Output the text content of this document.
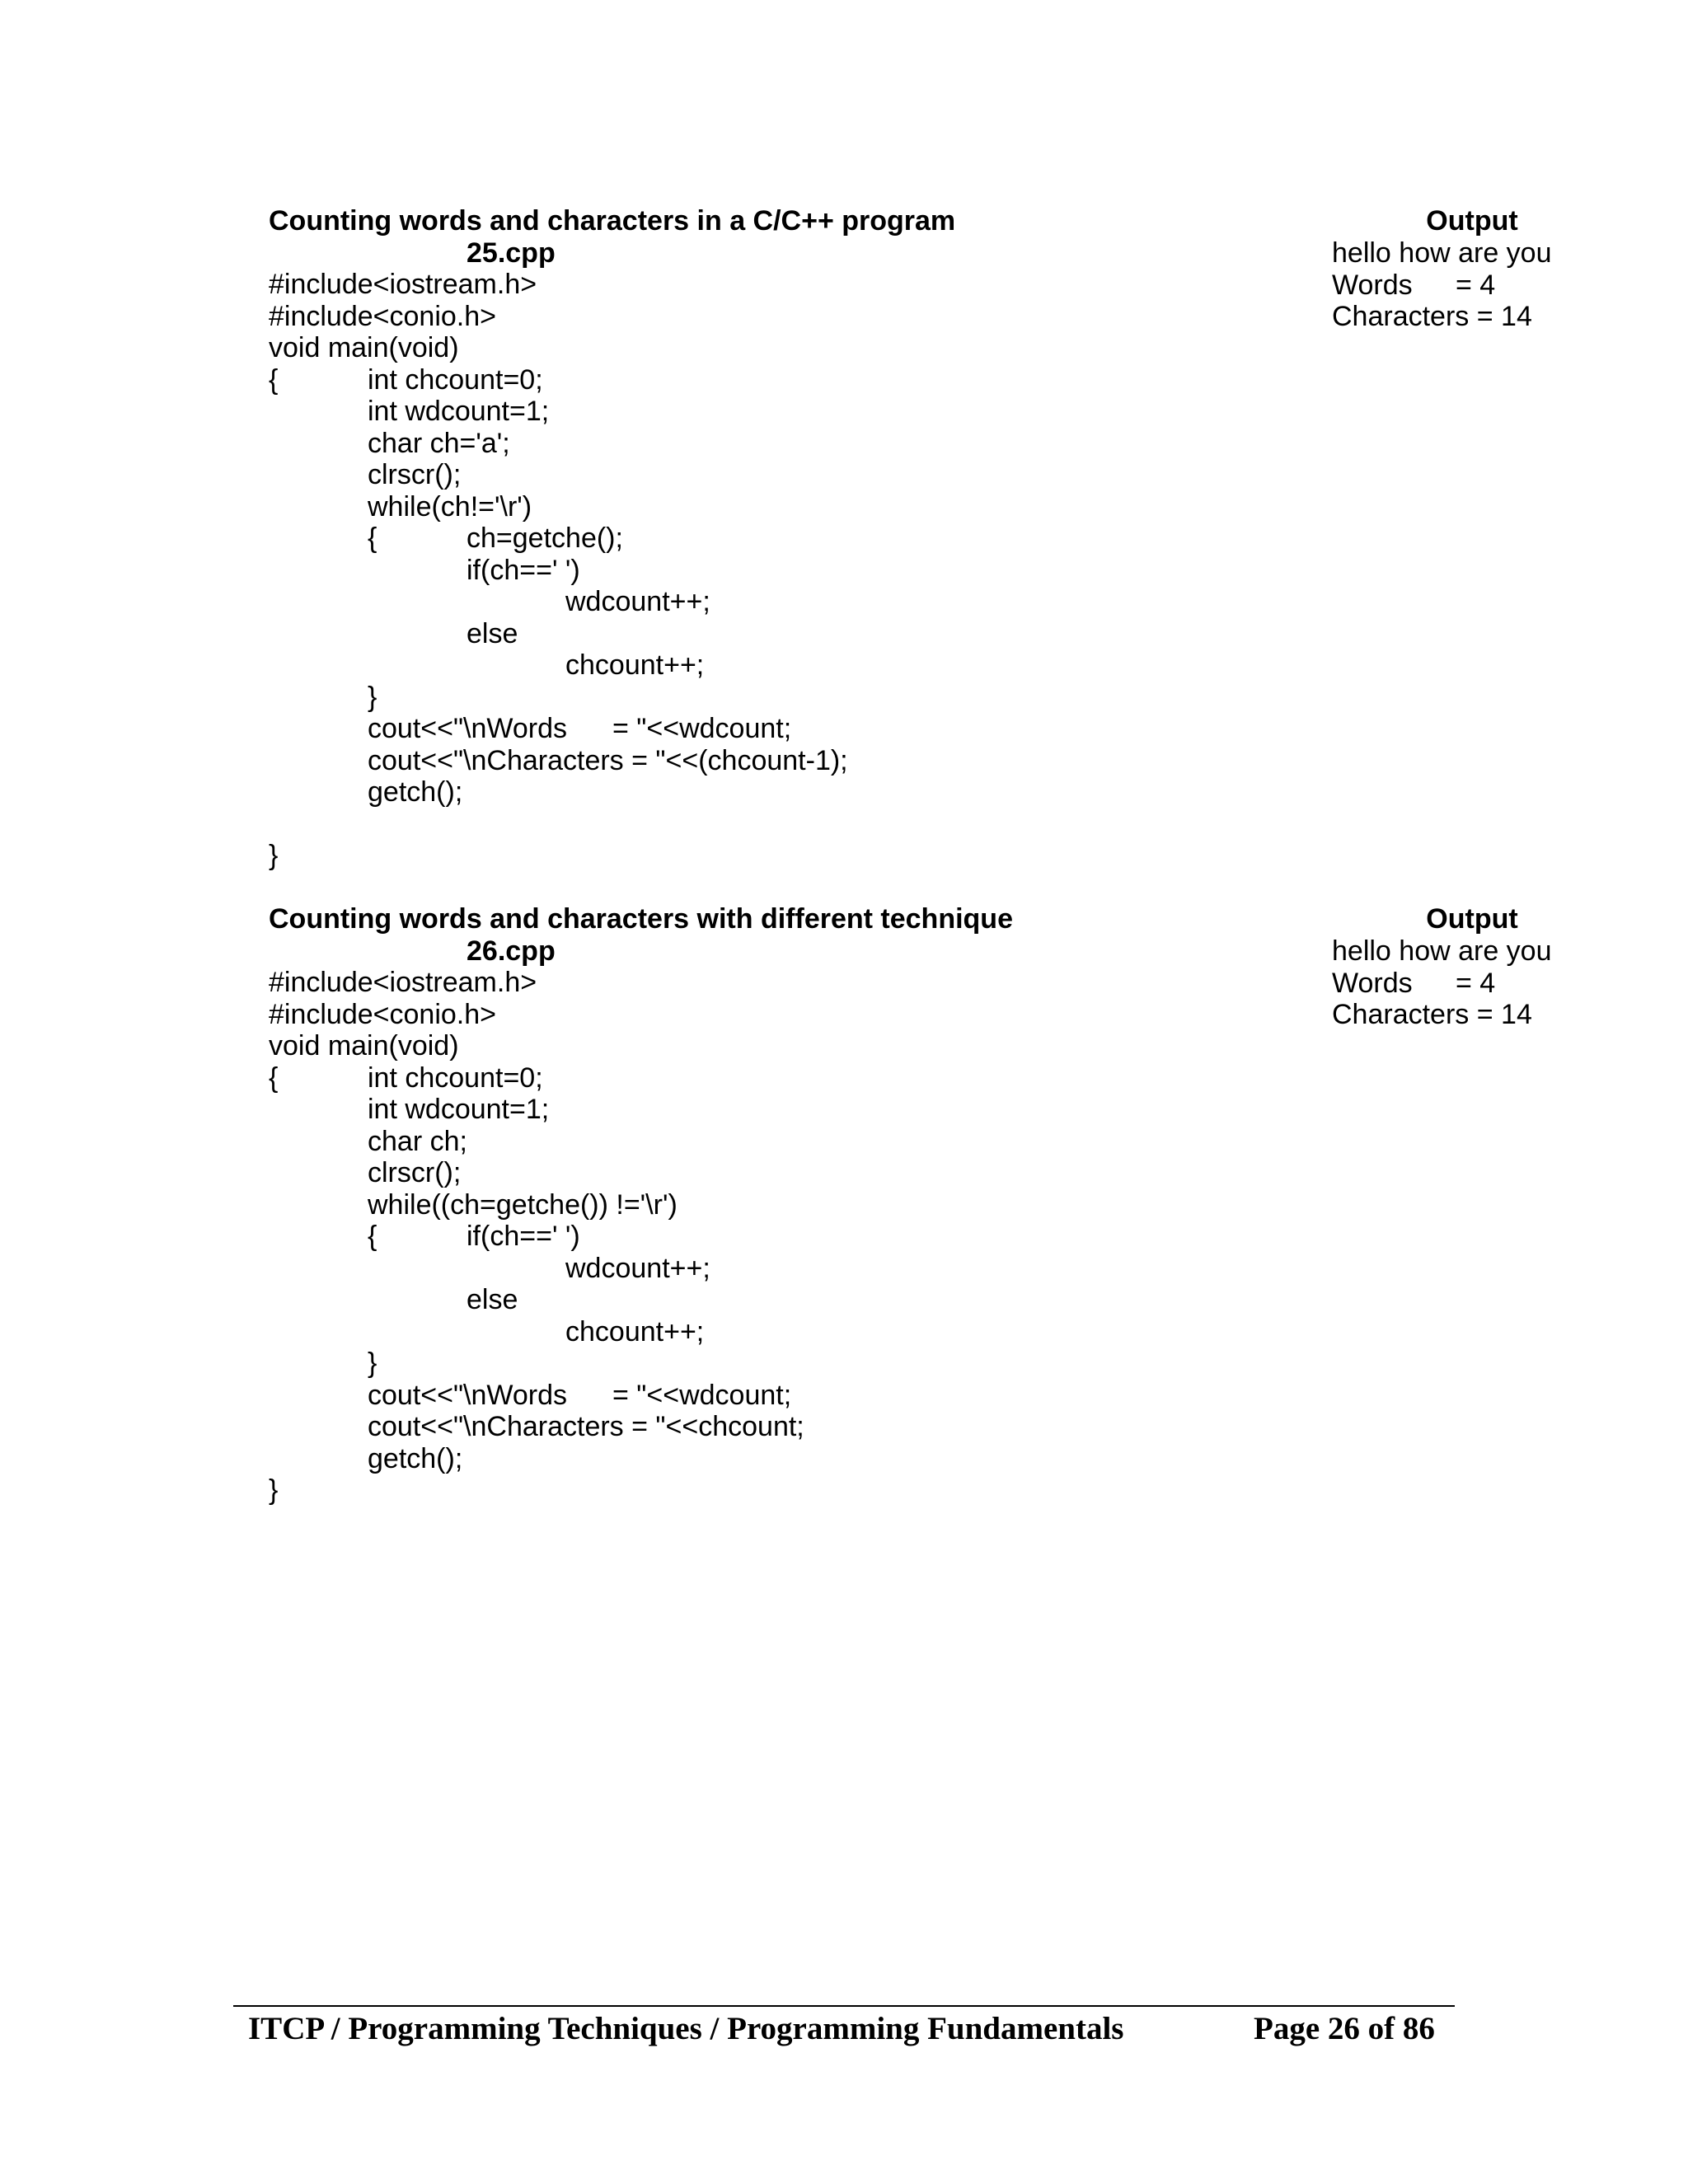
Counting words and characters in a C/C++ program
25.cpp
#include<iostream.h>
#include<conio.h>
void main(void)
{	int chcount=0;
int wdcount=1;
char ch='a';
clrscr();
while(ch!='\r')
{	ch=getche();
if(ch==' ')
wdcount++;
else
chcount++;
}
cout<<"\nWords = "<<wdcount;
cout<<"\nCharacters = "<<(chcount-1);
getch();
}
Output
hello how are you
Words = 4
Characters = 14
Counting words and characters with different technique
26.cpp
#include<iostream.h>
#include<conio.h>
void main(void)
{	int chcount=0;
int wdcount=1;
char ch;
clrscr();
while((ch=getche()) !='\r')
{	if(ch==' ')
wdcount++;
else
chcount++;
}
cout<<"\nWords = "<<wdcount;
cout<<"\nCharacters = "<<chcount;
getch();
}
Output
hello how are you
Words = 4
Characters = 14
ITCP / Programming Techniques / Programming Fundamentals	Page 26 of 86
